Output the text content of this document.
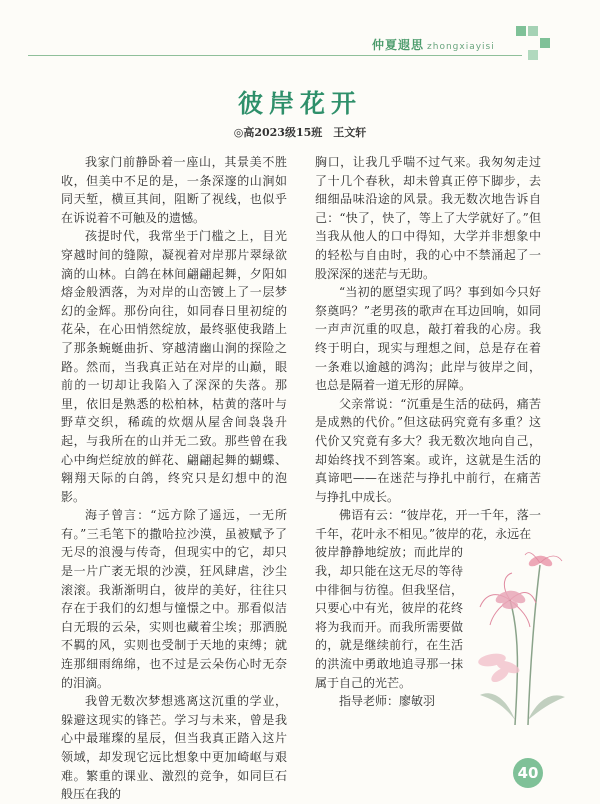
仲夏遐思 zhongxiayisi
彼岸花开
◎高2023级15班　王文轩

我家门前静卧着一座山，其景美不胜收，但美中不足的是，一条深邃的山涧如同天堑，横亘其间，阻断了视线，也似乎在诉说着不可触及的遗憾。

孩提时代，我常坐于门槛之上，目光穿越时间的缝隙，凝视着对岸那片翠绿欲滴的山林。白鸽在林间翩翩起舞，夕阳如熔金般洒落，为对岸的山峦镀上了一层梦幻的金辉。那份向往，如同春日里初绽的花朵，在心田悄然绽放，最终驱使我踏上了那条蜿蜒曲折、穿越清幽山涧的探险之路。然而，当我真正站在对岸的山巅，眼前的一切却让我陷入了深深的失落。那里，依旧是熟悉的松柏林，枯黄的落叶与野草交织，稀疏的炊烟从屋舍间袅袅升起，与我所在的山并无二致。那些曾在我心中绚烂绽放的鲜花、翩翩起舞的蝴蝶、翱翔天际的白鸽，终究只是幻想中的泡影。

海子曾言：“远方除了遥远，一无所有。”三毛笔下的撒哈拉沙漠，虽被赋予了无尽的浪漫与传奇，但现实中的它，却只是一片广袤无垠的沙漠，狂风肆虐，沙尘滚滚。我渐渐明白，彼岸的美好，往往只存在于我们的幻想与憧憬之中。那看似洁白无瑕的云朵，实则也藏着尘埃；那洒脱不羁的风，实则也受制于天地的束缚；就连那细雨绵绵，也不过是云朵伤心时无奈的泪滴。

我曾无数次梦想逃离这沉重的学业，躲避这现实的锋芒。学习与未来，曾是我心中最璀璨的星辰，但当我真正踏入这片领域，却发现它远比想象中更加崎岖与艰难。繁重的课业、激烈的竞争，如同巨石般压在我的

胸口，让我几乎喘不过气来。我匆匆走过了十几个春秋，却未曾真正停下脚步，去细细品味沿途的风景。我无数次地告诉自己：“快了，快了，等上了大学就好了。”但当我从他人的口中得知，大学并非想象中的轻松与自由时，我的心中不禁涌起了一股深深的迷茫与无助。

“当初的愿望实现了吗？事到如今只好祭奠吗？”老男孩的歌声在耳边回响，如同一声声沉重的叹息，敲打着我的心房。我终于明白，现实与理想之间，总是存在着一条难以逾越的鸿沟；此岸与彼岸之间，也总是隔着一道无形的屏障。

父亲常说：“沉重是生活的砝码，痛苦是成熟的代价。”但这砝码究竟有多重？这代价又究竟有多大？我无数次地向自己，却始终找不到答案。或许，这就是生活的真谛吧——在迷茫与挣扎中前行，在痛苦与挣扎中成长。

佛语有云：“彼岸花，开一千年，落一千年，花叶永不相见。”彼岸的花，永远在

彼岸静静地绽放；而此岸的我，却只能在这无尽的等待中徘徊与彷徨。但我坚信，只要心中有光，彼岸的花终将为我而开。而我所需要做的，就是继续前行，在生活的洪流中勇敢地追寻那一抹属于自己的光芒。

指导老师：廖敏羽

40
